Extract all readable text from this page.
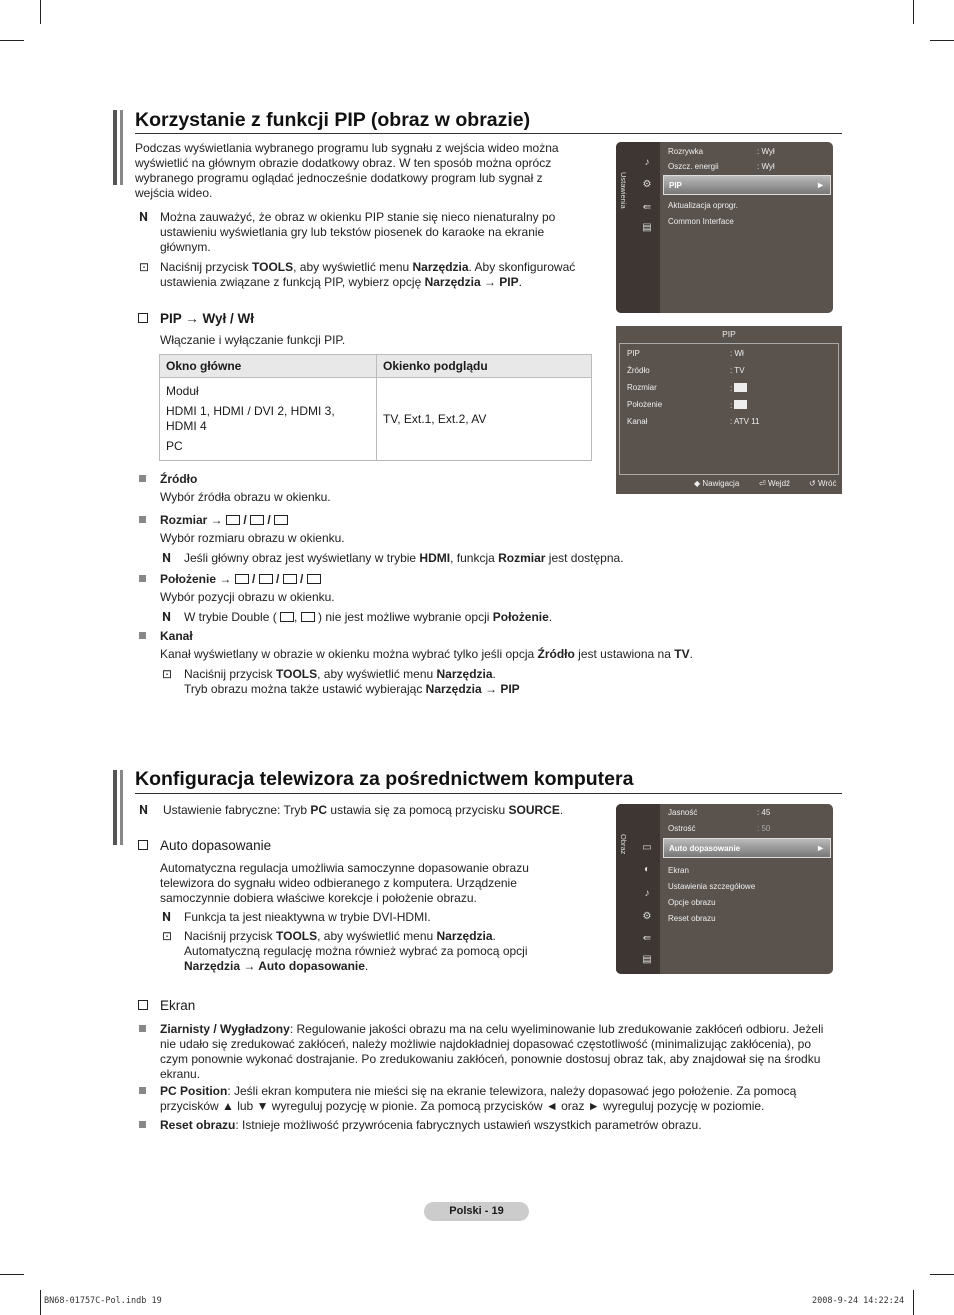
Korzystanie z funkcji PIP (obraz w obrazie)
Podczas wyświetlania wybranego programu lub sygnału z wejścia wideo można
wyświetlić na głównym obrazie dodatkowy obraz. W ten sposób można oprócz
wybranego programu oglądać jednocześnie dodatkowy program lub sygnał z
wejścia wideo.
𝐍 Można zauważyć, że obraz w okienku PIP stanie się nieco nienaturalny po
ustawieniu wyświetlania gry lub tekstów piosenek do karaoke na ekranie
głównym.
⊡ Naciśnij przycisk TOOLS, aby wyświetlić menu Narzędzia. Aby skonfigurować
ustawienia związane z funkcją PIP, wybierz opcję Narzędzia → PIP.
PIP → Wył / Wł
Włączanie i wyłączanie funkcji PIP.
Okno główne	Okienko podglądu

Moduł
HDMI 1, HDMI / DVI 2, HDMI 3,
HDMI 4
PC	TV, Ext.1, Ext.2, AV
Źródło
Wybór źródła obrazu w okienku.
Rozmiar →  /  /
Wybór rozmiaru obrazu w okienku.
𝐍 Jeśli główny obraz jest wyświetlany w trybie HDMI, funkcja Rozmiar jest dostępna.
Położenie →  /  /  /
Wybór pozycji obrazu w okienku.
𝐍 W trybie Double ( ,  ) nie jest możliwe wybranie opcji Położenie.
Kanał
Kanał wyświetlany w obrazie w okienku można wybrać tylko jeśli opcja Źródło jest ustawiona na TV.
⊡ Naciśnij przycisk TOOLS, aby wyświetlić menu Narzędzia.
Tryb obrazu można także ustawić wybierając Narzędzia → PIP
Ustawienia
♪
⚙
⇚
▤
Rozrywka	: Wył
Oszcz. energii	: Wył
PIP	►
Aktualizacja oprogr.
Common Interface
PIP
PIP	: Wł
Źródło	: TV
Rozmiar	:
Położenie	:
Kanał	: ATV 11
◆ Nawigacja ⏎ Wejdź ↺ Wróć
Konfiguracja telewizora za pośrednictwem komputera
𝐍 Ustawienie fabryczne: Tryb PC ustawia się za pomocą przycisku SOURCE.
Auto dopasowanie
Automatyczna regulacja umożliwia samoczynne dopasowanie obrazu
telewizora do sygnału wideo odbieranego z komputera. Urządzenie
samoczynnie dobiera właściwe korekcje i położenie obrazu.
𝐍 Funkcja ta jest nieaktywna w trybie DVI-HDMI.
⊡ Naciśnij przycisk TOOLS, aby wyświetlić menu Narzędzia.
Automatyczną regulację można również wybrać za pomocą opcji
Narzędzia → Auto dopasowanie.
Obraz ▭
◐
♪
⚙
⇚
▤
Jasność	: 45
Ostrość	: 50
Auto dopasowanie	►
Ekran
Ustawienia szczegółowe
Opcje obrazu
Reset obrazu
Ekran
Ziarnisty / Wygładzony: Regulowanie jakości obrazu ma na celu wyeliminowanie lub zredukowanie zakłóceń odbioru. Jeżeli
nie udało się zredukować zakłóceń, należy możliwie najdokładniej dopasować częstotliwość (minimalizując zakłócenia), po
czym ponownie wykonać dostrajanie. Po zredukowaniu zakłóceń, ponownie dostosuj obraz tak, aby znajdował się na środku
ekranu.
PC Position: Jeśli ekran komputera nie mieści się na ekranie telewizora, należy dopasować jego położenie. Za pomocą
przycisków ▲ lub ▼ wyreguluj pozycję w pionie. Za pomocą przycisków ◄ oraz ► wyreguluj pozycję w poziomie.
Reset obrazu: Istnieje możliwość przywrócenia fabrycznych ustawień wszystkich parametrów obrazu.
Polski - 19
BN68-01757C-Pol.indb 19	2008-9-24 14:22:24
